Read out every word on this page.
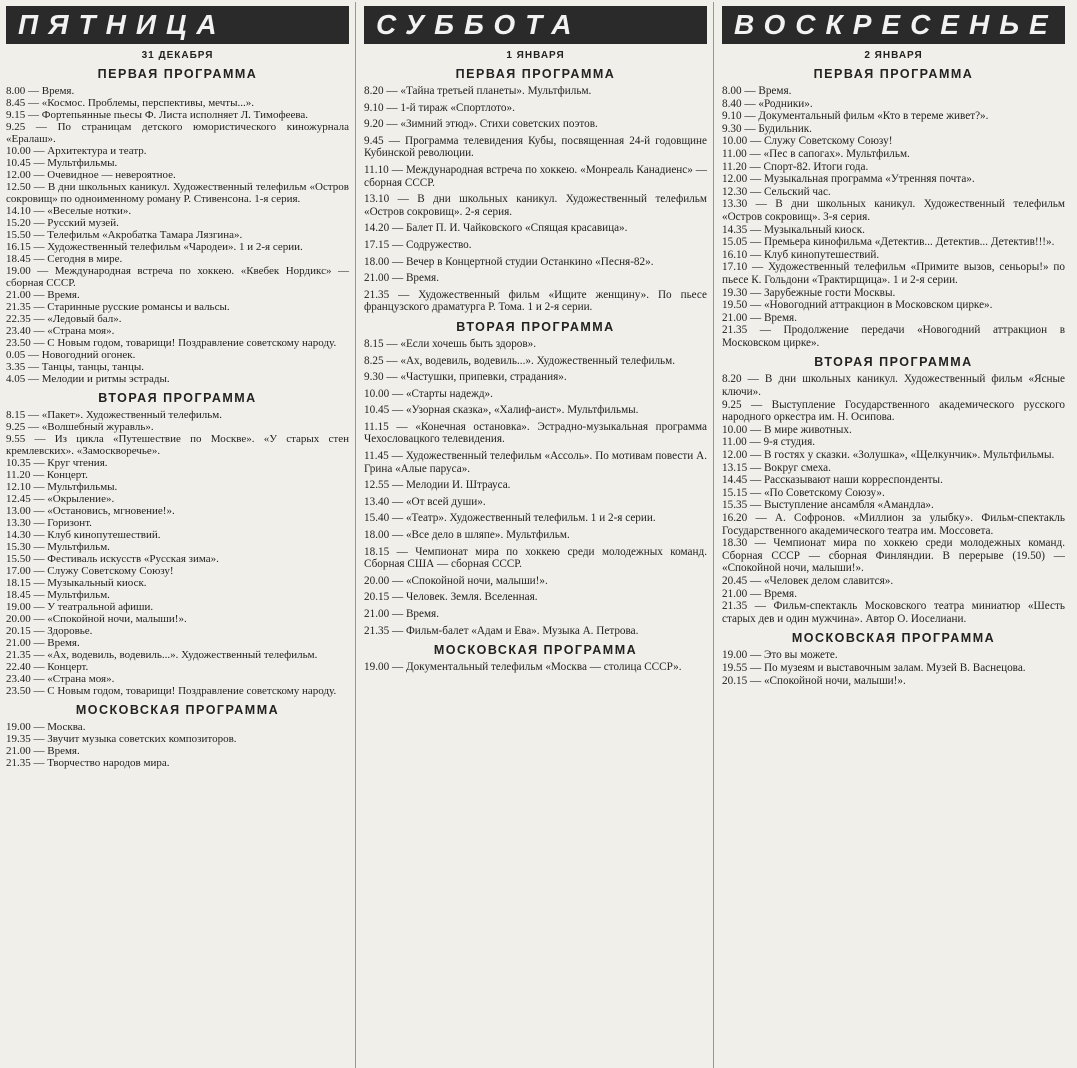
ПЯТНИЦА
31 ДЕКАБРЯ
ПЕРВАЯ ПРОГРАММА

8.00 — Время.

8.45 — «Космос. Проблемы, перспективы, мечты...».

9.15 — Фортепьянные пьесы Ф. Листа исполняет Л. Тимофеева.

9.25 — По страницам детского юмористического киножурнала «Ералаш».

10.00 — Архитектура и театр.

10.45 — Мультфильмы.

12.00 — Очевидное — невероятное.

12.50 — В дни школьных каникул. Художественный телефильм «Остров сокровищ» по одноименному роману Р. Стивенсона. 1-я серия.

14.10 — «Веселые нотки».

15.20 — Русский музей.

15.50 — Телефильм «Акробатка Тамара Лязгина».

16.15 — Художественный телефильм «Чародеи». 1 и 2-я серии.

18.45 — Сегодня в мире.

19.00 — Международная встреча по хоккею. «Квебек Нордикс» — сборная СССР.

21.00 — Время.

21.35 — Старинные русские романсы и вальсы.

22.35 — «Ледовый бал».

23.40 — «Страна моя».

23.50 — С Новым годом, товарищи! Поздравление советскому народу.

0.05 — Новогодний огонек.

3.35 — Танцы, танцы, танцы.

4.05 — Мелодии и ритмы эстрады.

ВТОРАЯ ПРОГРАММА

8.15 — «Пакет». Художественный телефильм.

9.25 — «Волшебный журавль».

9.55 — Из цикла «Путешествие по Москве». «У старых стен кремлевских». «Замоскворечье».

10.35 — Круг чтения.

11.20 — Концерт.

12.10 — Мультфильмы.

12.45 — «Окрыление».

13.00 — «Остановись, мгновение!».

13.30 — Горизонт.

14.30 — Клуб кинопутешествий.

15.30 — Мультфильм.

15.50 — Фестиваль искусств «Русская зима».

17.00 — Служу Советскому Союзу!

18.15 — Музыкальный киоск.

18.45 — Мультфильм.

19.00 — У театральной афиши.

20.00 — «Спокойной ночи, малыши!».

20.15 — Здоровье.

21.00 — Время.

21.35 — «Ах, водевиль, водевиль...». Художественный телефильм.

22.40 — Концерт.

23.40 — «Страна моя».

23.50 — С Новым годом, товарищи! Поздравление советскому народу.

МОСКОВСКАЯ ПРОГРАММА

19.00 — Москва.

19.35 — Звучит музыка советских композиторов.

21.00 — Время.

21.35 — Творчество народов мира.

СУББОТА
1 ЯНВАРЯ
ПЕРВАЯ ПРОГРАММА

8.20 — «Тайна третьей планеты». Мультфильм.

9.10 — 1-й тираж «Спортлото».

9.20 — «Зимний этюд». Стихи советских поэтов.

9.45 — Программа телевидения Кубы, посвященная 24-й годовщине Кубинской революции.

11.10 — Международная встреча по хоккею. «Монреаль Канадиенс» — сборная СССР.

13.10 — В дни школьных каникул. Художественный телефильм «Остров сокровищ». 2-я серия.

14.20 — Балет П. И. Чайковского «Спящая красавица».

17.15 — Содружество.

18.00 — Вечер в Концертной студии Останкино «Песня-82».

21.00 — Время.

21.35 — Художественный фильм «Ищите женщину». По пьесе французского драматурга Р. Тома. 1 и 2-я серии.

ВТОРАЯ ПРОГРАММА

8.15 — «Если хочешь быть здоров».

8.25 — «Ах, водевиль, водевиль...». Художественный телефильм.

9.30 — «Частушки, припевки, страдания».

10.00 — «Старты надежд».

10.45 — «Узорная сказка», «Халиф-аист». Мультфильмы.

11.15 — «Конечная остановка». Эстрадно-музыкальная программа Чехословацкого телевидения.

11.45 — Художественный телефильм «Ассоль». По мотивам повести А. Грина «Алые паруса».

12.55 — Мелодии И. Штрауса.

13.40 — «От всей души».

15.40 — «Театр». Художественный телефильм. 1 и 2-я серии.

18.00 — «Все дело в шляпе». Мультфильм.

18.15 — Чемпионат мира по хоккею среди молодежных команд. Сборная США — сборная СССР.

20.00 — «Спокойной ночи, малыши!».

20.15 — Человек. Земля. Вселенная.

21.00 — Время.

21.35 — Фильм-балет «Адам и Ева». Музыка А. Петрова.

МОСКОВСКАЯ ПРОГРАММА

19.00 — Документальный телефильм «Москва — столица СССР».

ВОСКРЕСЕНЬЕ
2 ЯНВАРЯ
ПЕРВАЯ ПРОГРАММА

8.00 — Время.

8.40 — «Родники».

9.10 — Документальный фильм «Кто в тереме живет?».

9.30 — Будильник.

10.00 — Служу Советскому Союзу!

11.00 — «Пес в сапогах». Мультфильм.

11.20 — Спорт-82. Итоги года.

12.00 — Музыкальная программа «Утренняя почта».

12.30 — Сельский час.

13.30 — В дни школьных каникул. Художественный телефильм «Остров сокровищ». 3-я серия.

14.35 — Музыкальный киоск.

15.05 — Премьера кинофильма «Детектив... Детектив... Детектив!!!».

16.10 — Клуб кинопутешествий.

17.10 — Художественный телефильм «Примите вызов, сеньоры!» по пьесе К. Гольдони «Трактирщица». 1 и 2-я серии.

19.30 — Зарубежные гости Москвы.

19.50 — «Новогодний аттракцион в Московском цирке».

21.00 — Время.

21.35 — Продолжение передачи «Новогодний аттракцион в Московском цирке».

ВТОРАЯ ПРОГРАММА

8.20 — В дни школьных каникул. Художественный фильм «Ясные ключи».

9.25 — Выступление Государственного академического русского народного оркестра им. Н. Осипова.

10.00 — В мире животных.

11.00 — 9-я студия.

12.00 — В гостях у сказки. «Золушка», «Щелкунчик». Мультфильмы.

13.15 — Вокруг смеха.

14.45 — Рассказывают наши корреспонденты.

15.15 — «По Советскому Союзу».

15.35 — Выступление ансамбля «Амандла».

16.20 — А. Софронов. «Миллион за улыбку». Фильм-спектакль Государственного академического театра им. Моссовета.

18.30 — Чемпионат мира по хоккею среди молодежных команд. Сборная СССР — сборная Финляндии. В перерыве (19.50) — «Спокойной ночи, малыши!».

20.45 — «Человек делом славится».

21.00 — Время.

21.35 — Фильм-спектакль Московского театра миниатюр «Шесть старых дев и один мужчина». Автор О. Иоселиани.

МОСКОВСКАЯ ПРОГРАММА

19.00 — Это вы можете.

19.55 — По музеям и выставочным залам. Музей В. Васнецова.

20.15 — «Спокойной ночи, малыши!».
